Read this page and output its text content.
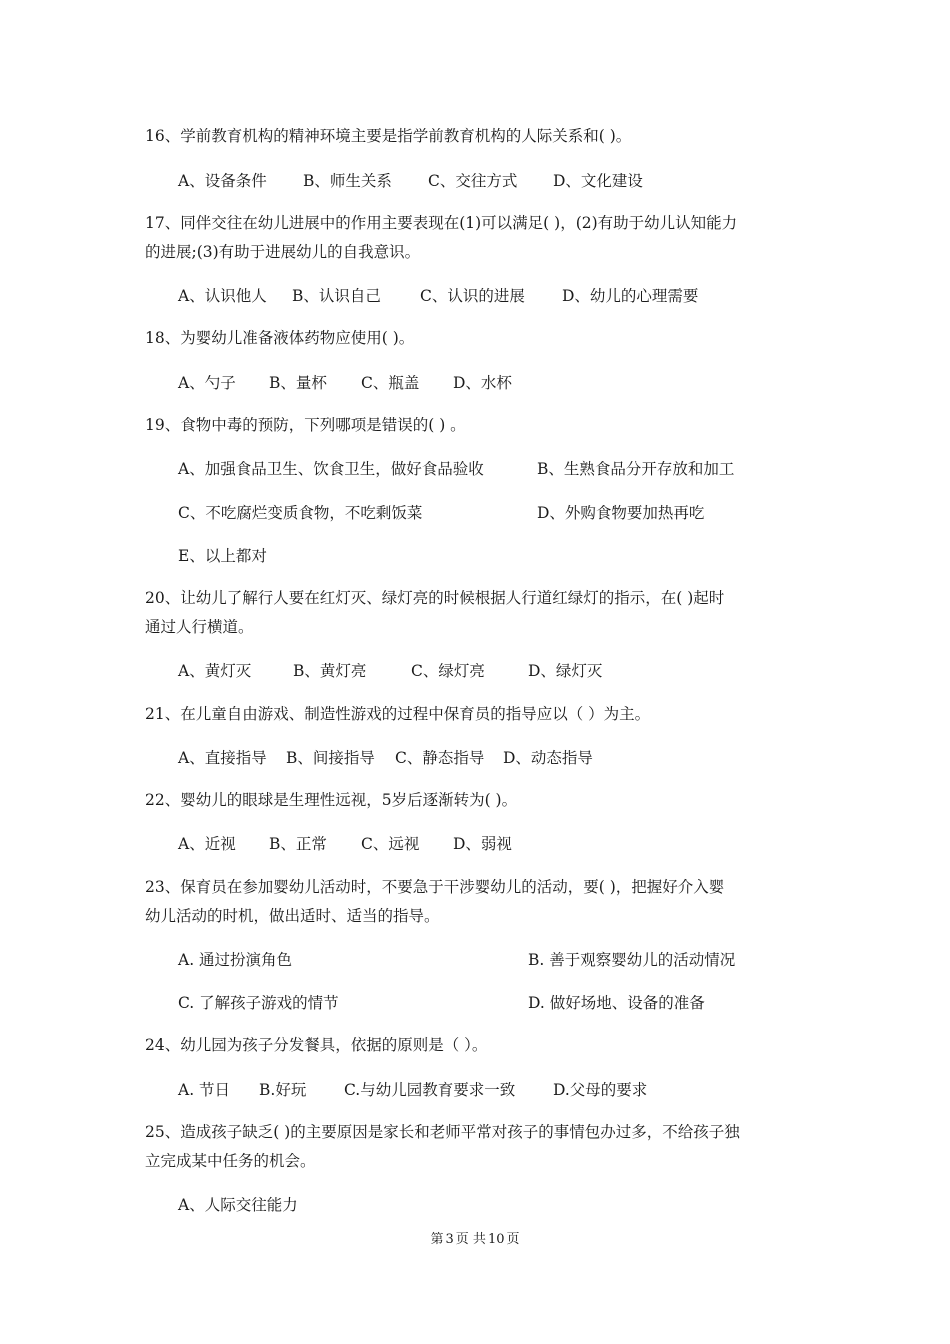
16、学前教育机构的精神环境主要是指学前教育机构的人际关系和( )。
A、设备条件 B、师生关系 C、交往方式 D、文化建设
17、同伴交往在幼儿进展中的作用主要表现在(1)可以满足( )，(2)有助于幼儿认知能力
的进展;(3)有助于进展幼儿的自我意识。
A、认识他人 B、认识自己	C、认识的进展 D、幼儿的心理需要
18、为婴幼儿准备液体药物应使用( )。
A、勺子 B、量杯 C、瓶盖 D、水杯
19、食物中毒的预防，下列哪项是错误的( ) 。
A、加强食品卫生、饮食卫生，做好食品验收	B、生熟食品分开存放和加工
C、不吃腐烂变质食物，不吃剩饭菜	D、外购食物要加热再吃
E、以上都对
20、让幼儿了解行人要在红灯灭、绿灯亮的时候根据人行道红绿灯的指示，在( )起时
通过人行横道。
A、黄灯灭	B、黄灯亮	C、绿灯亮	D、绿灯灭
21、在儿童自由游戏、制造性游戏的过程中保育员的指导应以（ ）为主。
A、直接指导 B、间接指导 C、静态指导 D、动态指导
22、婴幼儿的眼球是生理性远视，5岁后逐渐转为( )。
A、近视 B、正常 C、远视 D、弱视
23、保育员在参加婴幼儿活动时，不要急于干涉婴幼儿的活动，要( )，把握好介入婴
幼儿活动的时机，做出适时、适当的指导。
A. 通过扮演角色	B. 善于观察婴幼儿的活动情况
C. 了解孩子游戏的情节	D. 做好场地、设备的准备
24、幼儿园为孩子分发餐具，依据的原则是（ ）。
A. 节日 B.好玩 C.与幼儿园教育要求一致 D.父母的要求
25、造成孩子缺乏( )的主要原因是家长和老师平常对孩子的事情包办过多，不给孩子独
立完成某中任务的机会。
A、人际交往能力
第 3 页 共 10 页
